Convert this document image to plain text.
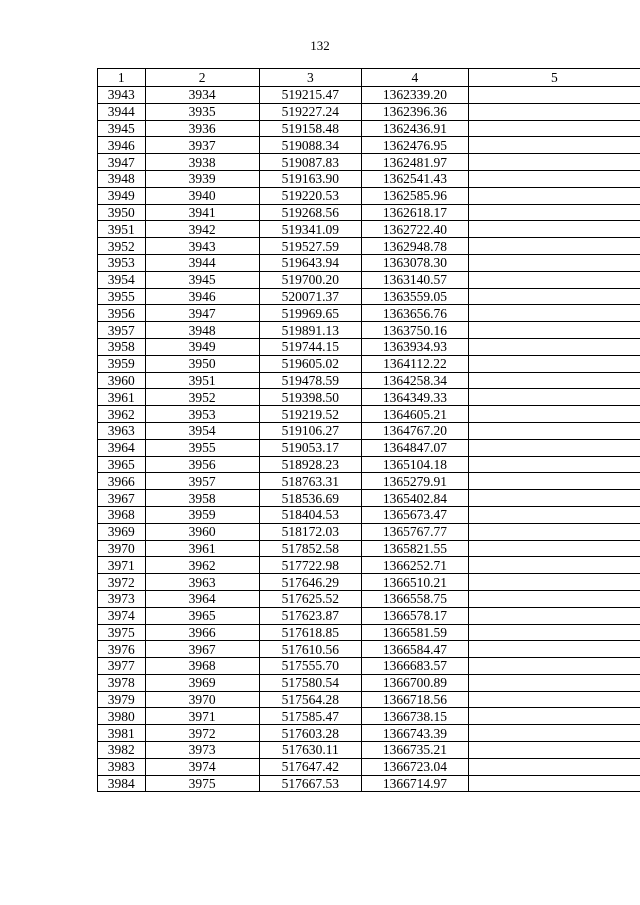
132
1	2	3	4	5
3943	3934	519215.47	1362339.20	
3944	3935	519227.24	1362396.36	
3945	3936	519158.48	1362436.91	
3946	3937	519088.34	1362476.95	
3947	3938	519087.83	1362481.97	
3948	3939	519163.90	1362541.43	
3949	3940	519220.53	1362585.96	
3950	3941	519268.56	1362618.17	
3951	3942	519341.09	1362722.40	
3952	3943	519527.59	1362948.78	
3953	3944	519643.94	1363078.30	
3954	3945	519700.20	1363140.57	
3955	3946	520071.37	1363559.05	
3956	3947	519969.65	1363656.76	
3957	3948	519891.13	1363750.16	
3958	3949	519744.15	1363934.93	
3959	3950	519605.02	1364112.22	
3960	3951	519478.59	1364258.34	
3961	3952	519398.50	1364349.33	
3962	3953	519219.52	1364605.21	
3963	3954	519106.27	1364767.20	
3964	3955	519053.17	1364847.07	
3965	3956	518928.23	1365104.18	
3966	3957	518763.31	1365279.91	
3967	3958	518536.69	1365402.84	
3968	3959	518404.53	1365673.47	
3969	3960	518172.03	1365767.77	
3970	3961	517852.58	1365821.55	
3971	3962	517722.98	1366252.71	
3972	3963	517646.29	1366510.21	
3973	3964	517625.52	1366558.75	
3974	3965	517623.87	1366578.17	
3975	3966	517618.85	1366581.59	
3976	3967	517610.56	1366584.47	
3977	3968	517555.70	1366683.57	
3978	3969	517580.54	1366700.89	
3979	3970	517564.28	1366718.56	
3980	3971	517585.47	1366738.15	
3981	3972	517603.28	1366743.39	
3982	3973	517630.11	1366735.21	
3983	3974	517647.42	1366723.04	
3984	3975	517667.53	1366714.97	
